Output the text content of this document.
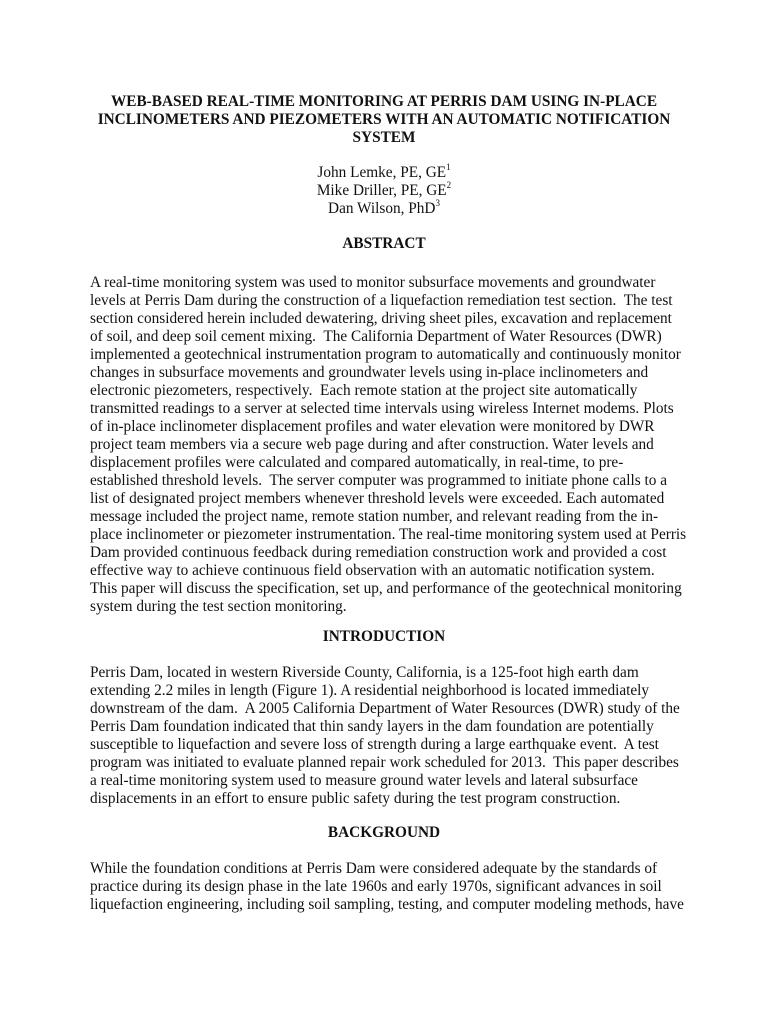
WEB-BASED REAL-TIME MONITORING AT PERRIS DAM USING IN-PLACE
INCLINOMETERS AND PIEZOMETERS WITH AN AUTOMATIC NOTIFICATION
SYSTEM
John Lemke, PE, $GE^1$
Mike Driller, PE, $GE^2$
Dan Wilson, PhD$^3$
ABSTRACT
A real-time monitoring system was used to monitor subsurface movements and groundwater
levels at Perris Dam during the construction of a liquefaction remediation test section.  The test
section considered herein included dewatering, driving sheet piles, excavation and replacement
of soil, and deep soil cement mixing.  The California Department of Water Resources (DWR)
implemented a geotechnical instrumentation program to automatically and continuously monitor
changes in subsurface movements and groundwater levels using in-place inclinometers and
electronic piezometers, respectively.  Each remote station at the project site automatically
transmitted readings to a server at selected time intervals using wireless Internet modems. Plots
of in-place inclinometer displacement profiles and water elevation were monitored by DWR
project team members via a secure web page during and after construction. Water levels and
displacement profiles were calculated and compared automatically, in real-time, to pre-
established threshold levels.  The server computer was programmed to initiate phone calls to a
list of designated project members whenever threshold levels were exceeded. Each automated
message included the project name, remote station number, and relevant reading from the in-
place inclinometer or piezometer instrumentation. The real-time monitoring system used at Perris
Dam provided continuous feedback during remediation construction work and provided a cost
effective way to achieve continuous field observation with an automatic notification system.
This paper will discuss the specification, set up, and performance of the geotechnical monitoring
system during the test section monitoring.
INTRODUCTION
Perris Dam, located in western Riverside County, California, is a 125-foot high earth dam
extending 2.2 miles in length (Figure 1). A residential neighborhood is located immediately
downstream of the dam.  A 2005 California Department of Water Resources (DWR) study of the
Perris Dam foundation indicated that thin sandy layers in the dam foundation are potentially
susceptible to liquefaction and severe loss of strength during a large earthquake event.  A test
program was initiated to evaluate planned repair work scheduled for 2013.  This paper describes
a real-time monitoring system used to measure ground water levels and lateral subsurface
displacements in an effort to ensure public safety during the test program construction.
BACKGROUND
While the foundation conditions at Perris Dam were considered adequate by the standards of
practice during its design phase in the late 1960s and early 1970s, significant advances in soil
liquefaction engineering, including soil sampling, testing, and computer modeling methods, have
